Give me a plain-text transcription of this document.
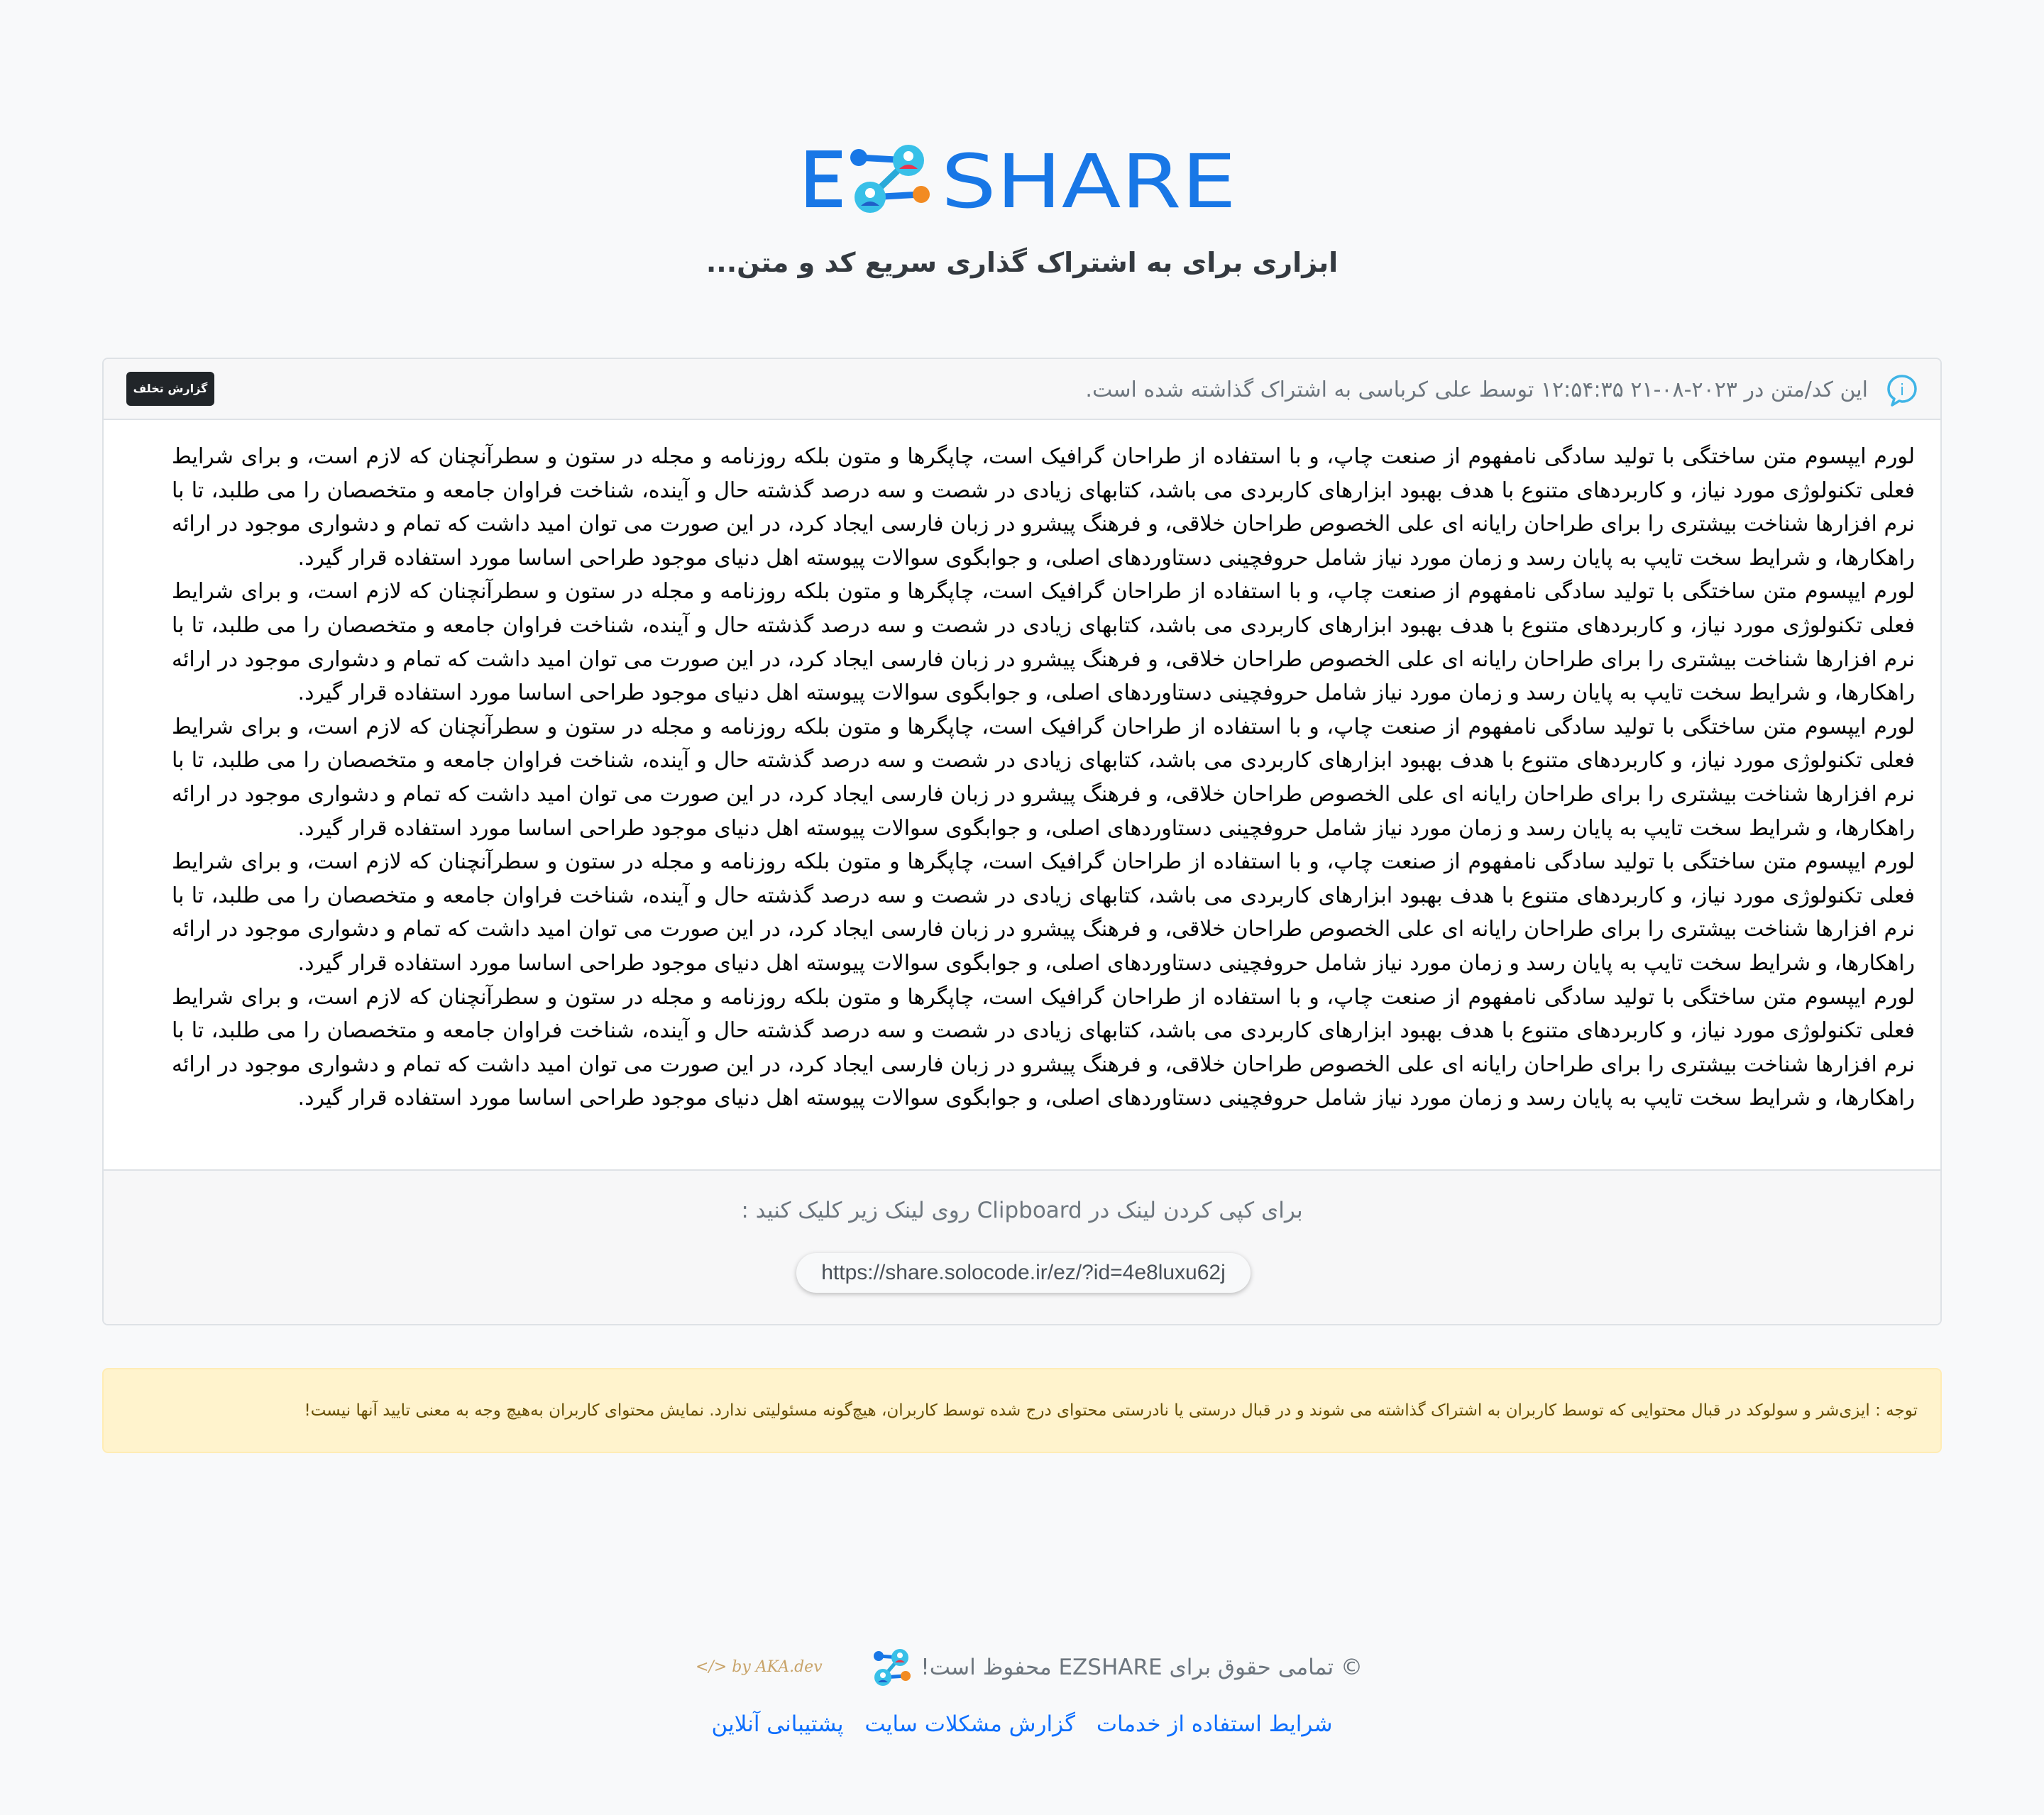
SHARE
ابزاری برای به اشتراک گذاری سریع کد و متن...
i
این کد/متن در ۲۰۲۳-۰۸-۲۱ ۱۲:۵۴:۳۵ توسط علی کرباسی به اشتراک گذاشته شده است.
گزارش تخلف

لورم ایپسوم متن ساختگی با تولید سادگی نامفهوم از صنعت چاپ، و با استفاده از طراحان گرافیک است، چاپگرها و متون بلکه روزنامه و مجله در ستون و سطرآنچنان که لازم است، و برای شرایط فعلی تکنولوژی مورد نیاز، و کاربردهای متنوع با هدف بهبود ابزارهای کاربردی می باشد، کتابهای زیادی در شصت و سه درصد گذشته حال و آینده، شناخت فراوان جامعه و متخصصان را می طلبد، تا با نرم افزارها شناخت بیشتری را برای طراحان رایانه ای علی الخصوص طراحان خلاقی، و فرهنگ پیشرو در زبان فارسی ایجاد کرد، در این صورت می توان امید داشت که تمام و دشواری موجود در ارائه راهکارها، و شرایط سخت تایپ به پایان رسد و زمان مورد نیاز شامل حروفچینی دستاوردهای اصلی، و جوابگوی سوالات پیوسته اهل دنیای موجود طراحی اساسا مورد استفاده قرار گیرد.

لورم ایپسوم متن ساختگی با تولید سادگی نامفهوم از صنعت چاپ، و با استفاده از طراحان گرافیک است، چاپگرها و متون بلکه روزنامه و مجله در ستون و سطرآنچنان که لازم است، و برای شرایط فعلی تکنولوژی مورد نیاز، و کاربردهای متنوع با هدف بهبود ابزارهای کاربردی می باشد، کتابهای زیادی در شصت و سه درصد گذشته حال و آینده، شناخت فراوان جامعه و متخصصان را می طلبد، تا با نرم افزارها شناخت بیشتری را برای طراحان رایانه ای علی الخصوص طراحان خلاقی، و فرهنگ پیشرو در زبان فارسی ایجاد کرد، در این صورت می توان امید داشت که تمام و دشواری موجود در ارائه راهکارها، و شرایط سخت تایپ به پایان رسد و زمان مورد نیاز شامل حروفچینی دستاوردهای اصلی، و جوابگوی سوالات پیوسته اهل دنیای موجود طراحی اساسا مورد استفاده قرار گیرد.

لورم ایپسوم متن ساختگی با تولید سادگی نامفهوم از صنعت چاپ، و با استفاده از طراحان گرافیک است، چاپگرها و متون بلکه روزنامه و مجله در ستون و سطرآنچنان که لازم است، و برای شرایط فعلی تکنولوژی مورد نیاز، و کاربردهای متنوع با هدف بهبود ابزارهای کاربردی می باشد، کتابهای زیادی در شصت و سه درصد گذشته حال و آینده، شناخت فراوان جامعه و متخصصان را می طلبد، تا با نرم افزارها شناخت بیشتری را برای طراحان رایانه ای علی الخصوص طراحان خلاقی، و فرهنگ پیشرو در زبان فارسی ایجاد کرد، در این صورت می توان امید داشت که تمام و دشواری موجود در ارائه راهکارها، و شرایط سخت تایپ به پایان رسد و زمان مورد نیاز شامل حروفچینی دستاوردهای اصلی، و جوابگوی سوالات پیوسته اهل دنیای موجود طراحی اساسا مورد استفاده قرار گیرد.

لورم ایپسوم متن ساختگی با تولید سادگی نامفهوم از صنعت چاپ، و با استفاده از طراحان گرافیک است، چاپگرها و متون بلکه روزنامه و مجله در ستون و سطرآنچنان که لازم است، و برای شرایط فعلی تکنولوژی مورد نیاز، و کاربردهای متنوع با هدف بهبود ابزارهای کاربردی می باشد، کتابهای زیادی در شصت و سه درصد گذشته حال و آینده، شناخت فراوان جامعه و متخصصان را می طلبد، تا با نرم افزارها شناخت بیشتری را برای طراحان رایانه ای علی الخصوص طراحان خلاقی، و فرهنگ پیشرو در زبان فارسی ایجاد کرد، در این صورت می توان امید داشت که تمام و دشواری موجود در ارائه راهکارها، و شرایط سخت تایپ به پایان رسد و زمان مورد نیاز شامل حروفچینی دستاوردهای اصلی، و جوابگوی سوالات پیوسته اهل دنیای موجود طراحی اساسا مورد استفاده قرار گیرد.

لورم ایپسوم متن ساختگی با تولید سادگی نامفهوم از صنعت چاپ، و با استفاده از طراحان گرافیک است، چاپگرها و متون بلکه روزنامه و مجله در ستون و سطرآنچنان که لازم است، و برای شرایط فعلی تکنولوژی مورد نیاز، و کاربردهای متنوع با هدف بهبود ابزارهای کاربردی می باشد، کتابهای زیادی در شصت و سه درصد گذشته حال و آینده، شناخت فراوان جامعه و متخصصان را می طلبد، تا با نرم افزارها شناخت بیشتری را برای طراحان رایانه ای علی الخصوص طراحان خلاقی، و فرهنگ پیشرو در زبان فارسی ایجاد کرد، در این صورت می توان امید داشت که تمام و دشواری موجود در ارائه راهکارها، و شرایط سخت تایپ به پایان رسد و زمان مورد نیاز شامل حروفچینی دستاوردهای اصلی، و جوابگوی سوالات پیوسته اهل دنیای موجود طراحی اساسا مورد استفاده قرار گیرد.

برای کپی کردن لینک در Clipboard روی لینک زیر کلیک کنید :
https://share.solocode.ir/ez/?id=4e8luxu62j
توجه : ایزی‌شر و سولوکد در قبال محتوایی که توسط کاربران به اشتراک گذاشته می شوند و در قبال درستی یا نادرستی محتوای درج شده توسط کاربران، هیچ‌گونه مسئولیتی ندارد. نمایش محتوای کاربران به‌هیچ وجه به معنی تایید آنها نیست!
© تمامی حقوق برای EZSHARE محفوظ است!
</> by AKA.dev
شرایط استفاده از خدمات گزارش مشکلات سایت پشتیبانی آنلاین
